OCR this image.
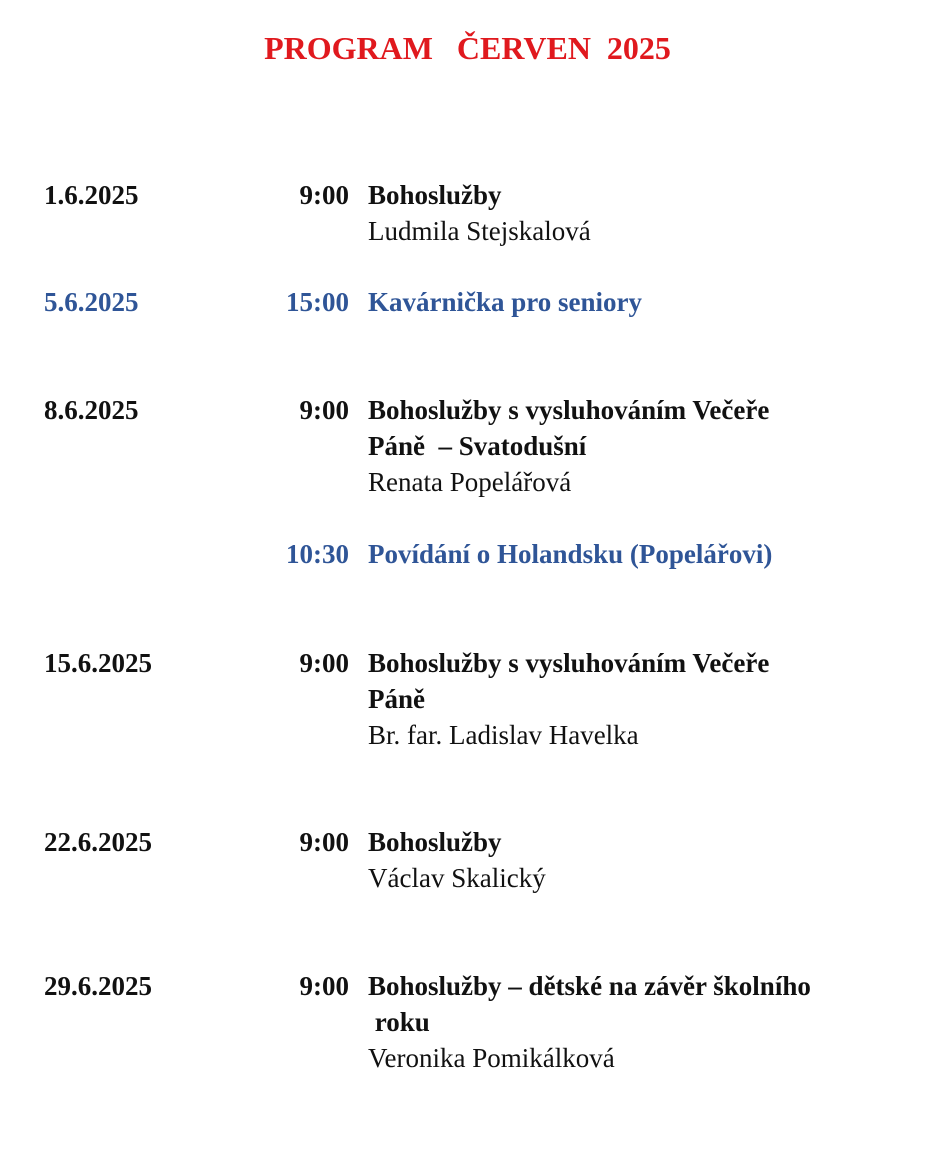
PROGRAM   ČERVEN  2025
1.6.2025	9:00 Bohoslužby
Ludmila Stejskalová
5.6.2025	15:00 Kavárnička pro seniory
8.6.2025	9:00 Bohoslužby s vysluhováním Večeře
Páně  – Svatodušní
Renata Popelářová
10:30 Povídání o Holandsku (Popelářovi)
15.6.2025	9:00 Bohoslužby s vysluhováním Večeře
Páně
Br. far. Ladislav Havelka
22.6.2025	9:00 Bohoslužby
Václav Skalický
29.6.2025	9:00 Bohoslužby – dětské na závěr školního
roku
Veronika Pomikálková
